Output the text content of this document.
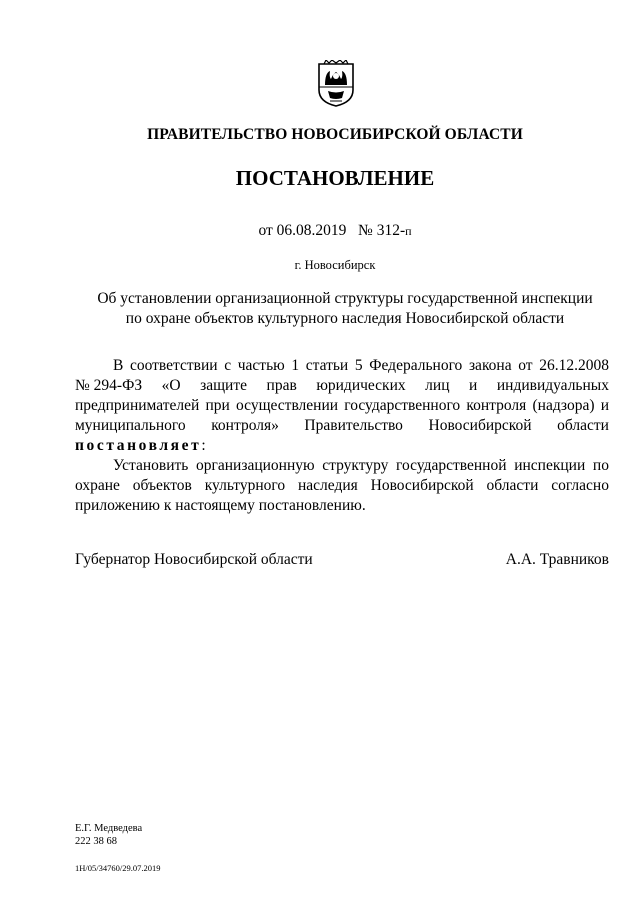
ПРАВИТЕЛЬСТВО НОВОСИБИРСКОЙ ОБЛАСТИ
ПОСТАНОВЛЕНИЕ
от 06.08.2019 № 312-п
г. Новосибирск
Об установлении организационной структуры государственной инспекции
по охране объектов культурного наследия Новосибирской области
В соответствии с частью 1 статьи 5 Федерального закона от 26.12.2008
№ 294-ФЗ «О защите прав юридических лиц и индивидуальных
предпринимателей при осуществлении государственного контроля (надзора) и
муниципального контроля» Правительство Новосибирской области
постановляет :
Установить организационную структуру государственной инспекции по
охране объектов культурного наследия Новосибирской области согласно
приложению к настоящему постановлению.
Губернатор Новосибирской области	А.А. Травников
Е.Г. Медведева
222 38 68
1Н/05/34760/29.07.2019
